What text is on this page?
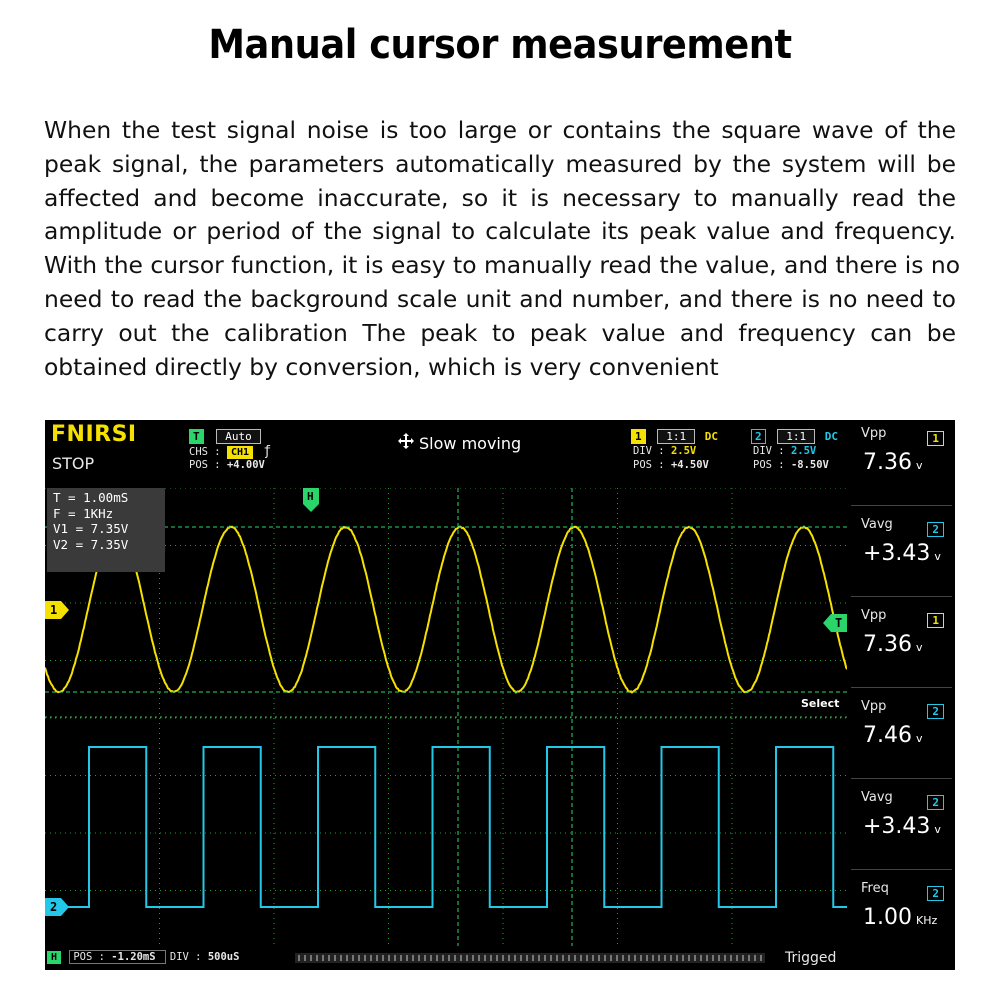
Manual cursor measurement
When the test signal noise is too large or contains the square wave of the
peak signal, the parameters automatically measured by the system will be
affected and become inaccurate, so it is necessary to manually read the
amplitude or period of the signal to calculate its peak value and frequency.
With the cursor function, it is easy to manually read the value, and there is no
need to read the background scale unit and number, and there is no need to
carry out the calibration The peak to peak value and frequency can be
obtained directly by conversion, which is very convenient
H
1
T
2
FNIRSI
STOP
T Auto
CHS : CH1 ƒ
POS : +4.00V
Slow moving	1 1:1 DC
DIV : 2.5V
POS : +4.50V
2 1:1 DC
DIV : 2.5V
POS : -8.50V
T = 1.00mS
F = 1KHz
V1 = 7.35V
V2 = 7.35V
Select
Vpp	1
7.36 v
Vavg	2
+3.43 v
Vpp	1
7.36 v
Vpp	2
7.46 v
Vavg	2
+3.43 v
Freq	2
1.00 KHz
H POS : -1.20mS DIV : 500uS	Trigged
